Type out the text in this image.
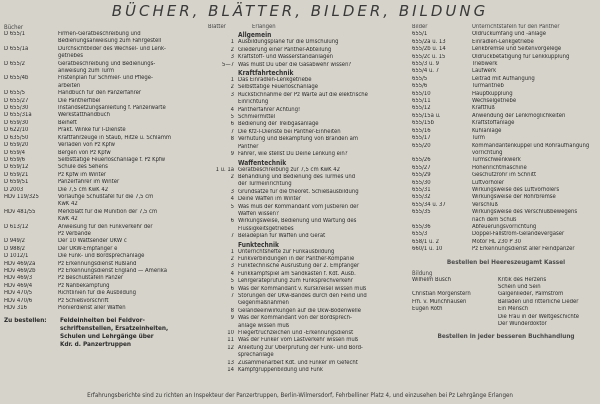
BÜCHER, BLÄTTER, BILDER, BILDUNG
Bücher
D 655/1	Firmen-Gerätbeschreibung und
Bedienungsanweisung zum Fahrgestell
D 655/1a	Durchsichtbilder des Wechsel- und Lenk-
getriebes
D 655/2	Gerätbeschreibung und Bedienungs-
anweisung zum Turm
D 655/4b	Fristenplan für Schmier- und Pflege-
arbeiten
D 655/5	Handbuch für den Panzerfahrer
D 655/27	Die Pantherfibel
D 655/30	Instandsetzungsanleitung f. Panzerwarte
D 655/31a	Werkstatthandbuch
D 659/30	Beiheft
D 622/10	Prakt. Winke für I-Dienste
D 635/50	Kraftfahrzeuge in Staub, Hitze u. Schlamm
D 659/20	Verladen von Pz Kpfw
D 659/4	Bergen von Pz Kpfw
D 659/6	Selbsttätige Feuerlöschanlage f. Pz Kpfw
D 659/12	Schule des Sehens
D 659/21	Pz Kpfw im Winter
D 659/51	Panzerfahrer im Winter
D 2003	Die 7,5 cm KwK 42
HDv 119/325	Vorläufige Schußtafel für die 7,5 cm
KwK 42
HDv 481/55	Merkblatt für die Munition der 7,5 cm
KwK 42
D 613/12	Anweisung für den Funkverkehr der
Pz Verbände
D 949/2	Der 10 Wattsender UKW c
D 988/2	Der UKW-Empfänger e
D 1012/1	Die Funk- und Bordsprechanlage
HDv 469/2a	Pz Erkennungsdienst Rußland
HDv 469/2b	Pz Erkennungsdienst England — Amerika
HDv 469/3	Pz Beschußtafeln Panzer
HDv 469/4	Pz Nahbekämpfung
HDv 470/5	Richtlinien für die Ausbildung
HDv 470/6	Pz Schießvorschrift
HDv 316	Pionierdienst aller Waffen
Zu bestellen: Feldeinheiten bei Feldvor-
schriftenstellen, Ersatzeinheiten,
Schulen und Lehrgänge über
Kdr. d. Panzertruppen
Blätter	Erlangen
Allgemein
1 Ausbildungspläne für die Umschulung
2 Gliederung einer Panther-Abteilung
3 Kraftstoff- und Wasserstandanlagen
5—7 Was mußt Du über die Gasabwehr wissen?
Kraftfahrtechnik
1 Das Einradlen-Lenkgetriebe
2 Selbsttätige Feuerlöschanlage
3 Rückstichnahme der Pz Warte auf die elektrische
Einrichtung
4 Pantherfahrer Achtung!
5 Schmiermittel
6 Bedienung der Treibgasanlage
7 Die Kfz-I-Dienste bei Panther-Einheiten
8 Verhütung und Bekämpfung von Bränden am
Panther
9 Fahrer, wie stellst Du Deine Lenkung ein?
Waffentechnik
1 u. 1a Gerätbeschreibung zur 7,5 cm KwK 42
2 Behandlung und Bedienung des Turmes und
der Turmeinrichtung
3 Grundsätze für die theoret. Schießausbildung
4 Deine Waffen im Winter
5 Was muß der Kommandant vom Justieren der
Waffen wissen?
6 Wirkungsweise, Bedienung und Wartung des
Flüssigkeitsgetriebes
7 Beladeplan für Waffen und Gerät
Funktechnik
1 Unterrichtshefte zur Funkausbildung
2 Funkverbindungen in der Panther-Kompanie
3 Funktechnische Ausrüstung der 2. Empfänger
4 Funkkampfspiel am Sandkasten f. Kdt. Ausb.
5 Lehrgeräteprüfung zum Funksprechverkehr
6 Was der Kommandant v. Kurskreisel wissen muß
7 Störungen der UKw-Bandes durch den Feind und
Gegenmaßnahmen
8 Geländeeinwirkungen auf die Ukw-Bodenwelle
9 Was der Kommandant von der Bordsprech-
anlage wissen muß
10 Fliegertruchzeichen und -Erkennungsdienst
11 Was der Funker vom Lastverkehr wissen muß
12 Anleitung zur Überprüfung der Funk- und Bord-
sprechanlage
13 Zusammenarbeit Kdt. und Funker im Gefecht
14 Kampfgruppenbildung und Funk
Bilder	Unterrichtstafeln für den Panther
655/1	Oldruckumfang und -anlage
655/2a u. 13	Einradlen-Lenkgetriebe
655/2b u. 14	Lenkbremse und Seitenvorgelege
655/2c u. 15	Oldruckbetätigung für Lenkkupplung
655/3 u. 9	Triebwerk
655/4 u. 7	Laufwerk
655/5	Leitrad mit Aufhängung
655/6	Turmantrieb
655/10	Hauptkupplung
655/11	Wechselgetriebe
655/12	Kraftfluß
655/15a u.	Anwendung der Lenkmöglichkeiten
655/15b	Kraftstoffanlage
655/16	Kühlanlage
655/17	Turm
655/20	Kommandantenkuppel und Rohraufhängung
vorrichtung
655/26	Turmschwenkwerk
655/27	Höhenrichtmaschine
655/29	Geschützrohr im Schnitt
655/30	Luftvorholer
655/31	Wirkungsweise des Luftvorholers
655/32	Wirkungsweise der Rohrbremse
655/34 u. 37	Verschluß
655/35	Wirkungsweise des Verschlußbewegens
nach dem Schuß
655/36	Abfeuerungsvorrichtung
655/3	Doppel-Fallstrom-Geländevergaser
658/1 u. 2	Motor HL 230 P 30
660/1 u. 10	Pz Erkennungsdienst aller Feindpanzer
Bestellen bei Heereszeugamt Kassel
Bildung
Wilhelm Busch	Kritik des Herzens
Schein und Sein
Christian Morgenstern	Galgenlieder, Palmström
Frh. v. Münchhausen	Balladen und ritterliche Lieder
Eugen Roth	Ein Mensch
Die Frau in der Weltgeschichte
Der Wunderdoktor
Bestellen in jeder besseren Buchhandlung
Erfahrungsberichte sind zu richten an Inspekteur der Panzertruppen, Berlin-Wilmersdorf, Fehrbelliner Platz 4, und einzusehen bei Pz Lehrgänge Erlangen
